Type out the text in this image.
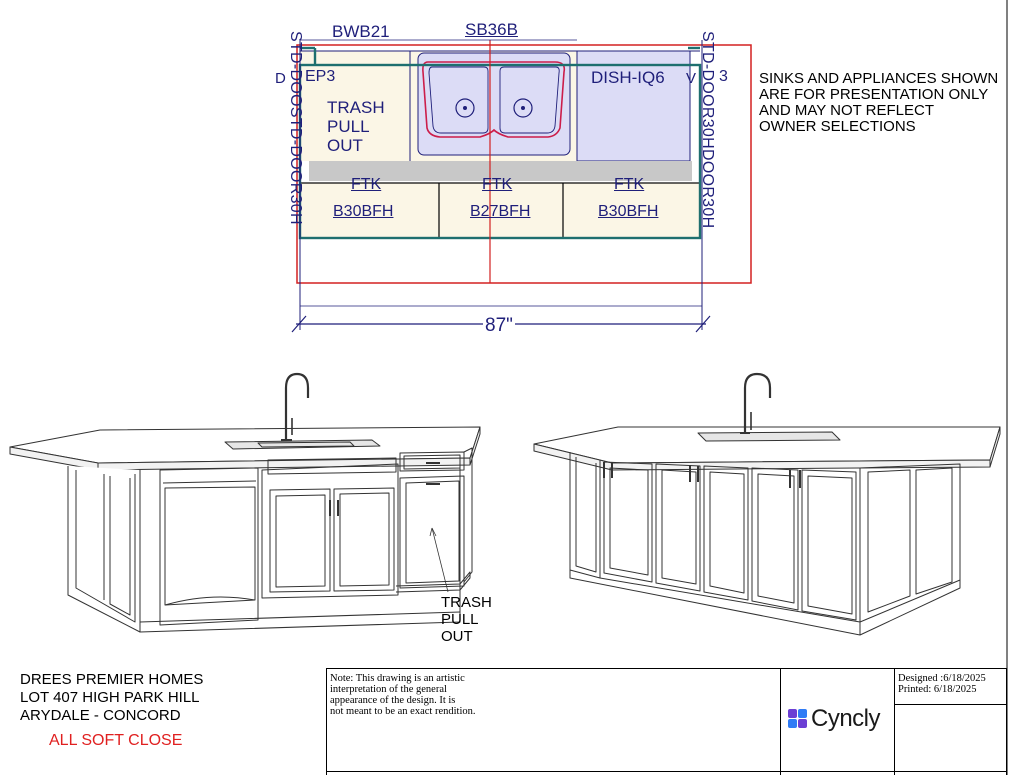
BWB21	SB36B
STD-DOOSTD-DOOR30H	STD-DOOR30HDOOR30H
D EP3
TRASH
PULL
OUT
DISH-IQ6 V 3
FTK
B30BFH
FTK
B27BFH
FTK
B30BFH
87"
SINKS AND APPLIANCES SHOWN
ARE FOR PRESENTATION ONLY
AND MAY NOT REFLECT
OWNER SELECTIONS
TRASH
PULL
OUT
DREES PREMIER HOMES
LOT 407 HIGH PARK HILL
ARYDALE - CONCORD
ALL SOFT CLOSE
Note: This drawing is an artistic
interpretation of the general
appearance of the design. It is
not meant to be an exact rendition.	Cyncly
Designed :6/18/2025
Printed: 6/18/2025
